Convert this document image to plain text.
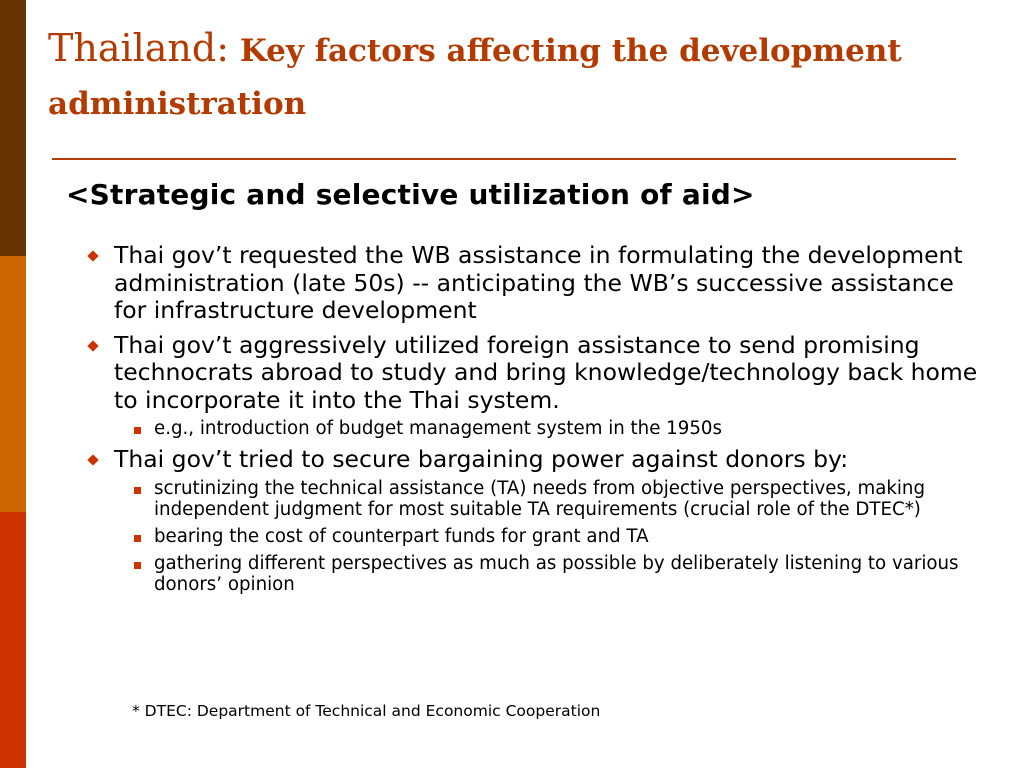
Thailand: Key factors affecting the development administration
<Strategic and selective utilization of aid>
Thai gov’t requested the WB assistance in formulating the development administration (late 50s) -- anticipating the WB’s successive assistance for infrastructure development
Thai gov’t aggressively utilized foreign assistance to send promising technocrats abroad to study and bring knowledge/technology back home to incorporate it into the Thai system.
e.g., introduction of budget management system in the 1950s
Thai gov’t tried to secure bargaining power against donors by:
scrutinizing the technical assistance (TA) needs from objective perspectives, making independent judgment for most suitable TA requirements (crucial role of the DTEC*)
bearing the cost of counterpart funds for grant and TA
gathering different perspectives as much as possible by deliberately listening to various donors’ opinion

* DTEC: Department of Technical and Economic Cooperation
